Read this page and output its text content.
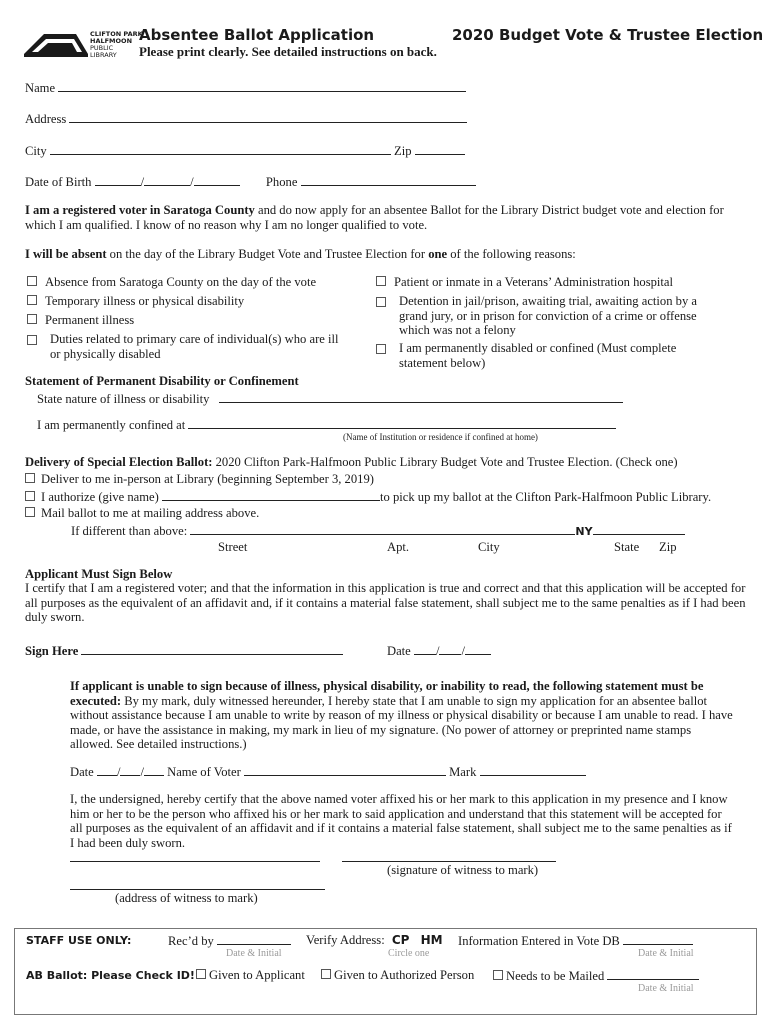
CLIFTON PARK
HALFMOON
PUBLIC
LIBRARY
Absentee Ballot Application	2020 Budget Vote & Trustee Election
Please print clearly. See detailed instructions on back.
Name
Address
City	Zip
Date of Birth	/	/	Phone
I am a registered voter in Saratoga County and do now apply for an absentee Ballot for the Library District budget vote and election for which I am qualified. I know of no reason why I am no longer qualified to vote.
I will be absent on the day of the Library Budget Vote and Trustee Election for one of the following reasons:
Absence from Saratoga County on the day of the vote
Temporary illness or physical disability
Permanent illness
Duties related to primary care of individual(s) who are ill or physically disabled
Patient or inmate in a Veterans’ Administration hospital
Detention in jail/prison, awaiting trial, awaiting action by a grand jury, or in prison for conviction of a crime or offense which was not a felony
I am permanently disabled or confined (Must complete statement below)
Statement of Permanent Disability or Confinement
State nature of illness or disability
I am permanently confined at
(Name of Institution or residence if confined at home)
Delivery of Special Election Ballot: 2020 Clifton Park-Halfmoon Public Library Budget Vote and Trustee Election. (Check one)
Deliver to me in-person at Library (beginning September 3, 2019)
I authorize (give name)	to pick up my ballot at the Clifton Park-Halfmoon Public Library.
Mail ballot to me at mailing address above.
If different than above:	NY
Street	Apt.	City	State Zip
Applicant Must Sign Below
I certify that I am a registered voter; and that the information in this application is true and correct and that this application will be accepted for all purposes as the equivalent of an affidavit and, if it contains a material false statement, shall subject me to the same penalties as if I had been duly sworn.
Sign Here	Date / /
If applicant is unable to sign because of illness, physical disability, or inability to read, the following statement must be executed: By my mark, duly witnessed hereunder, I hereby state that I am unable to sign my application for an absentee ballot without assistance because I am unable to write by reason of my illness or physical disability or because I am unable to read. I have made, or have the assistance in making, my mark in lieu of my signature. (No power of attorney or preprinted name stamps allowed. See detailed instructions.)
Date / / Name of Voter	Mark
I, the undersigned, hereby certify that the above named voter affixed his or her mark to this application in my presence and I know him or her to be the person who affixed his or her mark to said application and understand that this statement will be accepted for all purposes as the equivalent of an affidavit and if it contains a material false statement, shall subject me to the same penalties as if I had been duly sworn.
(signature of witness to mark)
(address of witness to mark)
STAFF USE ONLY:	Rec’d by
Date & Initial
Verify Address: CP HM
Circle one
Information Entered in Vote DB
Date & Initial
AB Ballot: Please Check ID!	Given to Applicant	Given to Authorized Person	Needs to be Mailed
Date & Initial
